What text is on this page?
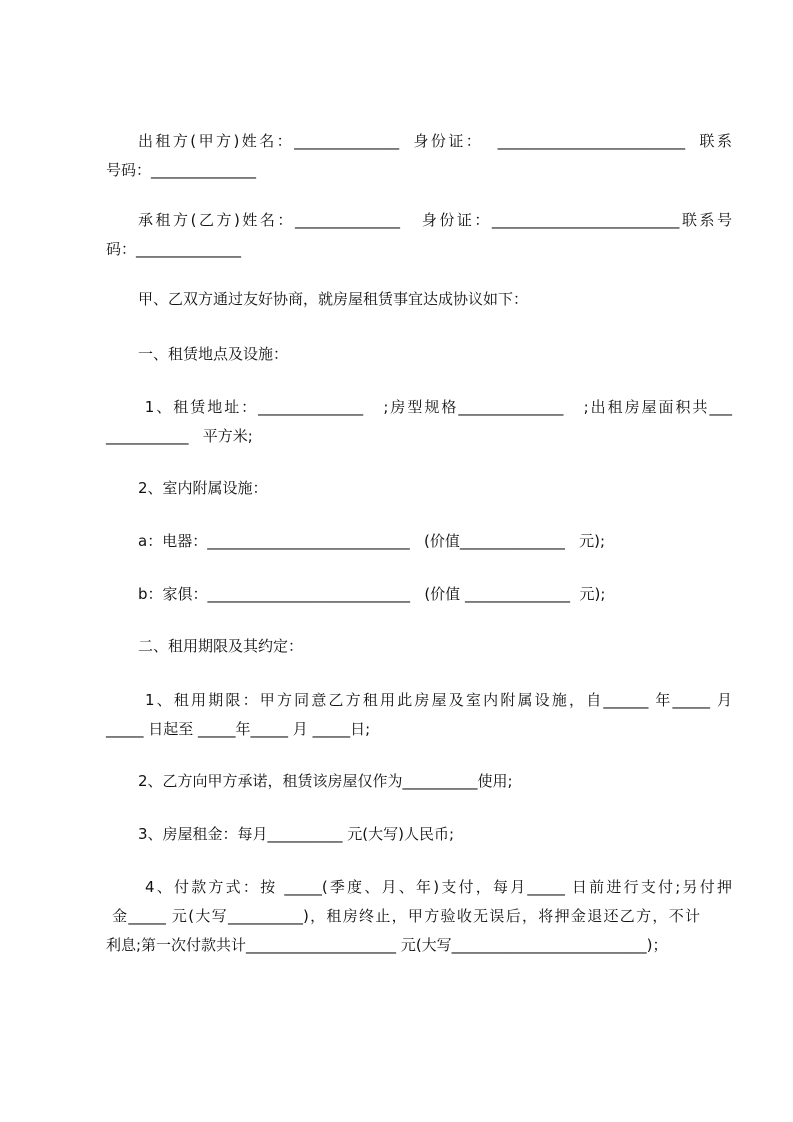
出租方(甲方)姓名：______________  身份证：  _________________________  联系

号码：______________

承租方(乙方)姓名：______________   身份证：_________________________联系号

码：______________

甲、乙双方通过友好协商，就房屋租赁事宜达成协议如下：

一、租赁地点及设施：

1、租赁地址：______________   ;房型规格______________   ;出租房屋面积共___

___________   平方米;

2、室内附属设施：

a：电器：___________________________   (价值______________   元);

b：家俱：___________________________   (价值 ______________  元);

二、租用期限及其约定：

1、租用期限：甲方同意乙方租用此房屋及室内附属设施，自______ 年_____ 月

_____ 日起至 _____年_____ 月 _____日;

2、乙方向甲方承诺，租赁该房屋仅作为__________使用;

3、房屋租金：每月__________ 元(大写)人民币;

4、付款方式：按 _____(季度、月、年)支付，每月_____ 日前进行支付;另付押

金_____ 元(大写__________)，租房终止，甲方验收无误后，将押金退还乙方，不计

利息;第一次付款共计____________________ 元(大写__________________________)；
